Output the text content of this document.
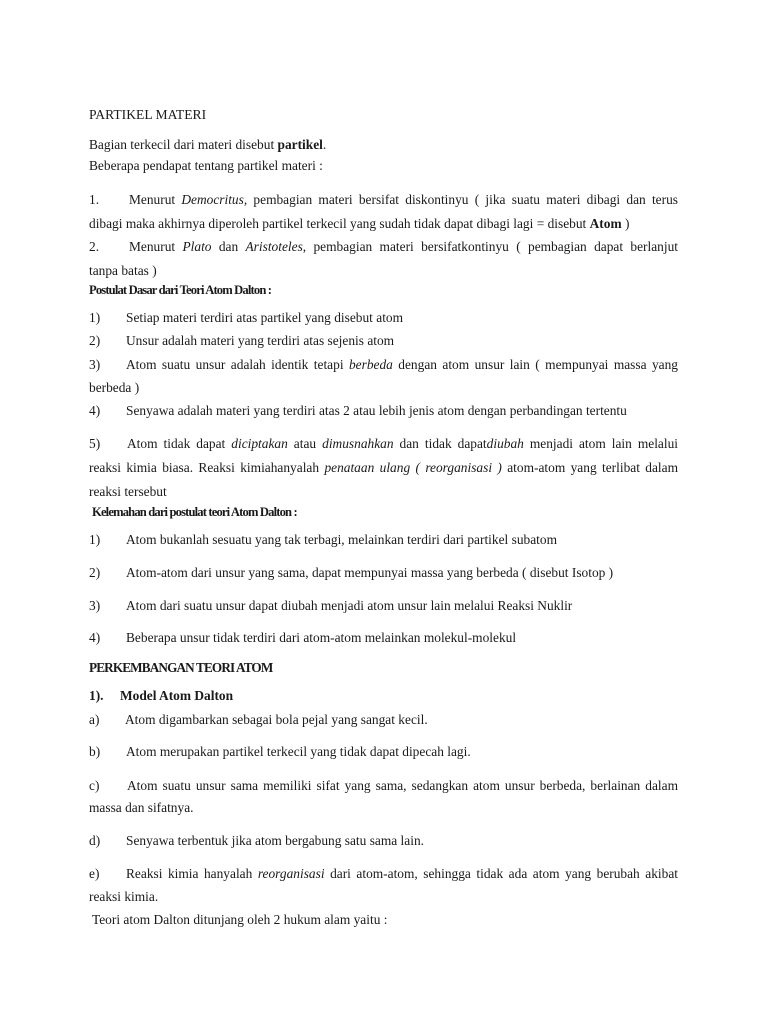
PARTIKEL MATERI
Bagian terkecil dari materi disebut partikel.
Beberapa pendapat tentang partikel materi :
1. Menurut Democritus, pembagian materi bersifat diskontinyu ( jika suatu materi dibagi dan terus
dibagi maka akhirnya diperoleh partikel terkecil yang sudah tidak dapat dibagi lagi = disebut Atom )
2. Menurut Plato dan Aristoteles, pembagian materi bersifatkontinyu ( pembagian dapat berlanjut
tanpa batas )
Postulat Dasar dari Teori Atom Dalton :
1) Setiap materi terdiri atas partikel yang disebut atom
2) Unsur adalah materi yang terdiri atas sejenis atom
3) Atom suatu unsur adalah identik tetapi berbeda dengan atom unsur lain ( mempunyai massa yang
berbeda )
4) Senyawa adalah materi yang terdiri atas 2 atau lebih jenis atom dengan perbandingan tertentu
5) Atom tidak dapat diciptakan atau dimusnahkan dan tidak dapatdiubah menjadi atom lain melalui
reaksi kimia biasa. Reaksi kimiahanyalah penataan ulang ( reorganisasi ) atom-atom yang terlibat dalam
reaksi tersebut
Kelemahan dari postulat teori Atom Dalton :
1) Atom bukanlah sesuatu yang tak terbagi, melainkan terdiri dari partikel subatom
2) Atom-atom dari unsur yang sama, dapat mempunyai massa yang berbeda ( disebut Isotop )
3) Atom dari suatu unsur dapat diubah menjadi atom unsur lain melalui Reaksi Nuklir
4) Beberapa unsur tidak terdiri dari atom-atom melainkan molekul-molekul
PERKEMBANGAN TEORI ATOM
1). Model Atom Dalton
a) Atom digambarkan sebagai bola pejal yang sangat kecil.
b) Atom merupakan partikel terkecil yang tidak dapat dipecah lagi.
c) Atom suatu unsur sama memiliki sifat yang sama, sedangkan atom unsur berbeda, berlainan dalam
massa dan sifatnya.
d) Senyawa terbentuk jika atom bergabung satu sama lain.
e) Reaksi kimia hanyalah reorganisasi dari atom-atom, sehingga tidak ada atom yang berubah akibat
reaksi kimia.
Teori atom Dalton ditunjang oleh 2 hukum alam yaitu :
